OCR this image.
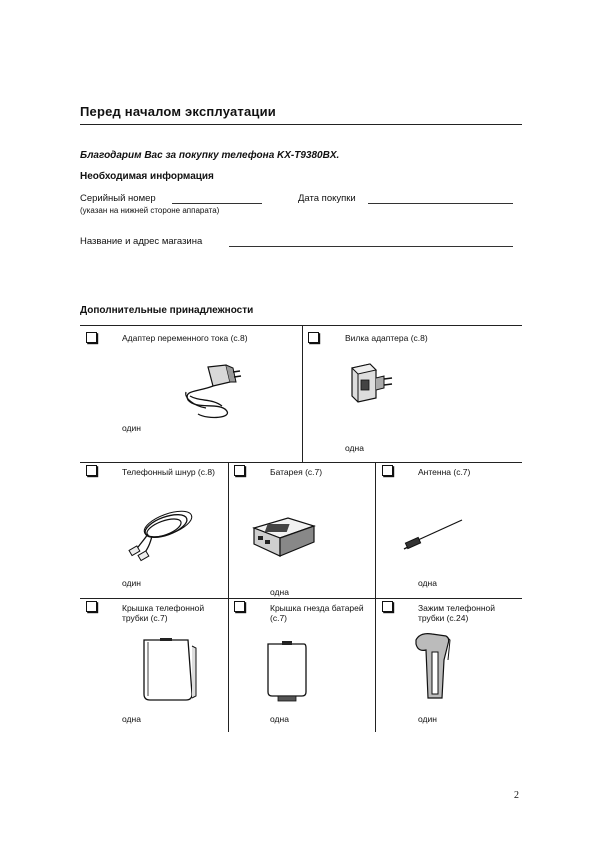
Перед началом эксплуатации
Благодарим Вас за покупку телефона KX-T9380BX.
Необходимая информация
Серийный номер
(указан на нижней стороне аппарата)
Дата покупки
Название и адрес магазина
Дополнительные принадлежности
Адаптер переменного тока (с.8)
один
Вилка адаптера (с.8)
одна
Телефонный шнур (с.8)
один
Батарея (с.7)
одна
Антенна (с.7)
одна
Крышка телефонной трубки (с.7)
одна
Крышка гнезда батарей (с.7)
одна
Зажим телефонной трубки (с.24)
один
2
